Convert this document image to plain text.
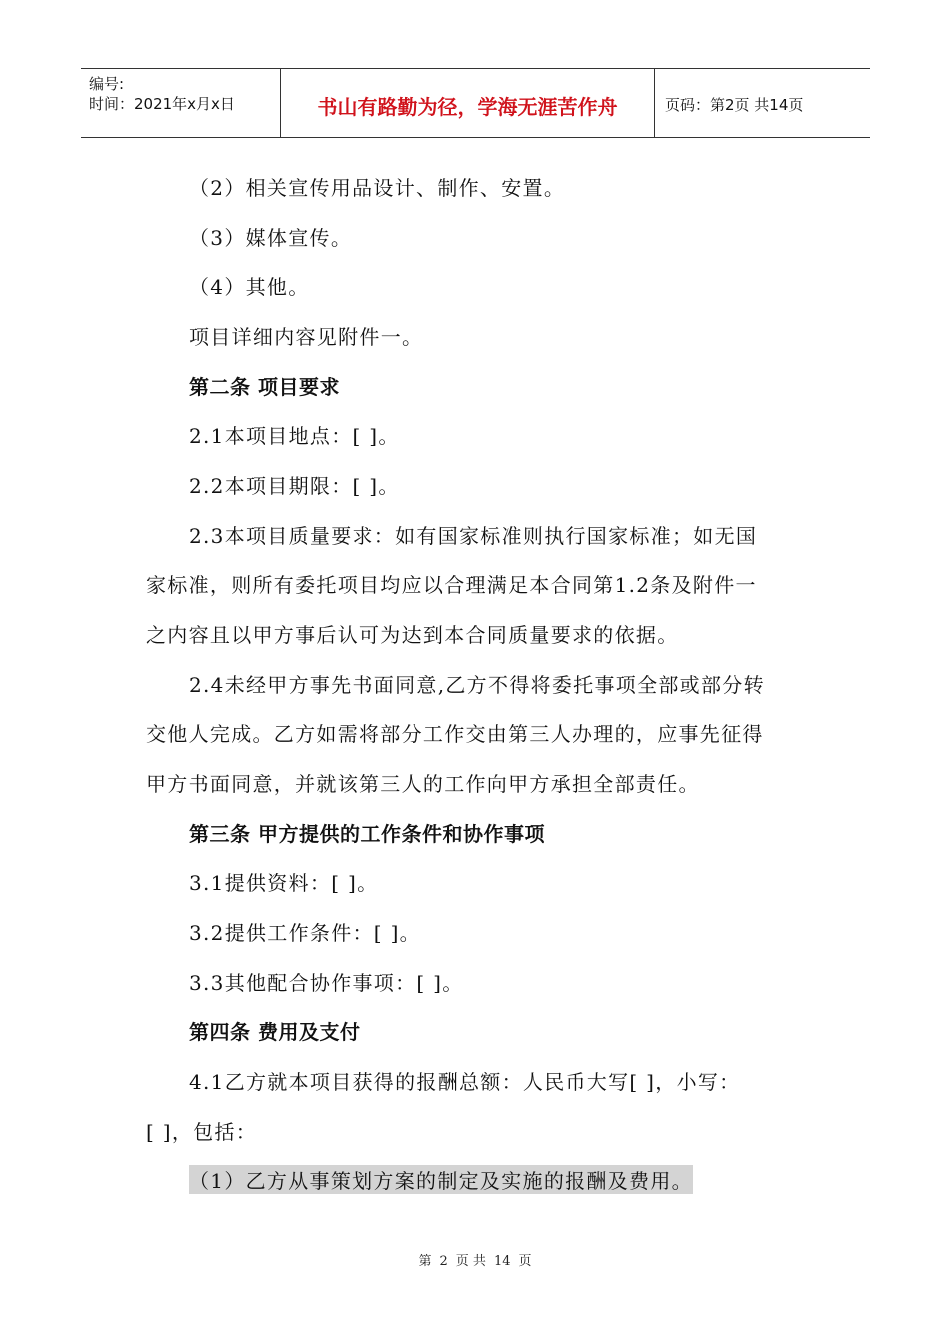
编号:
时间：2021年x月x日	书山有路勤为径，学海无涯苦作舟	页码：第2页 共14页
（2）相关宣传用品设计、制作、安置。
（3）媒体宣传。
（4）其他。
项目详细内容见附件一。
第二条 项目要求
2.1本项目地点：[ ]。
2.2本项目期限：[ ]。
2.3本项目质量要求：如有国家标准则执行国家标准；如无国
家标准，则所有委托项目均应以合理满足本合同第1.2条及附件一
之内容且以甲方事后认可为达到本合同质量要求的依据。
2.4未经甲方事先书面同意,乙方不得将委托事项全部或部分转
交他人完成。乙方如需将部分工作交由第三人办理的，应事先征得
甲方书面同意，并就该第三人的工作向甲方承担全部责任。
第三条 甲方提供的工作条件和协作事项
3.1提供资料：[ ]。
3.2提供工作条件：[ ]。
3.3其他配合协作事项：[ ]。
第四条 费用及支付
4.1乙方就本项目获得的报酬总额：人民币大写[ ]，小写：
[ ]，包括：
（1）乙方从事策划方案的制定及实施的报酬及费用。
第 2 页 共 14 页
